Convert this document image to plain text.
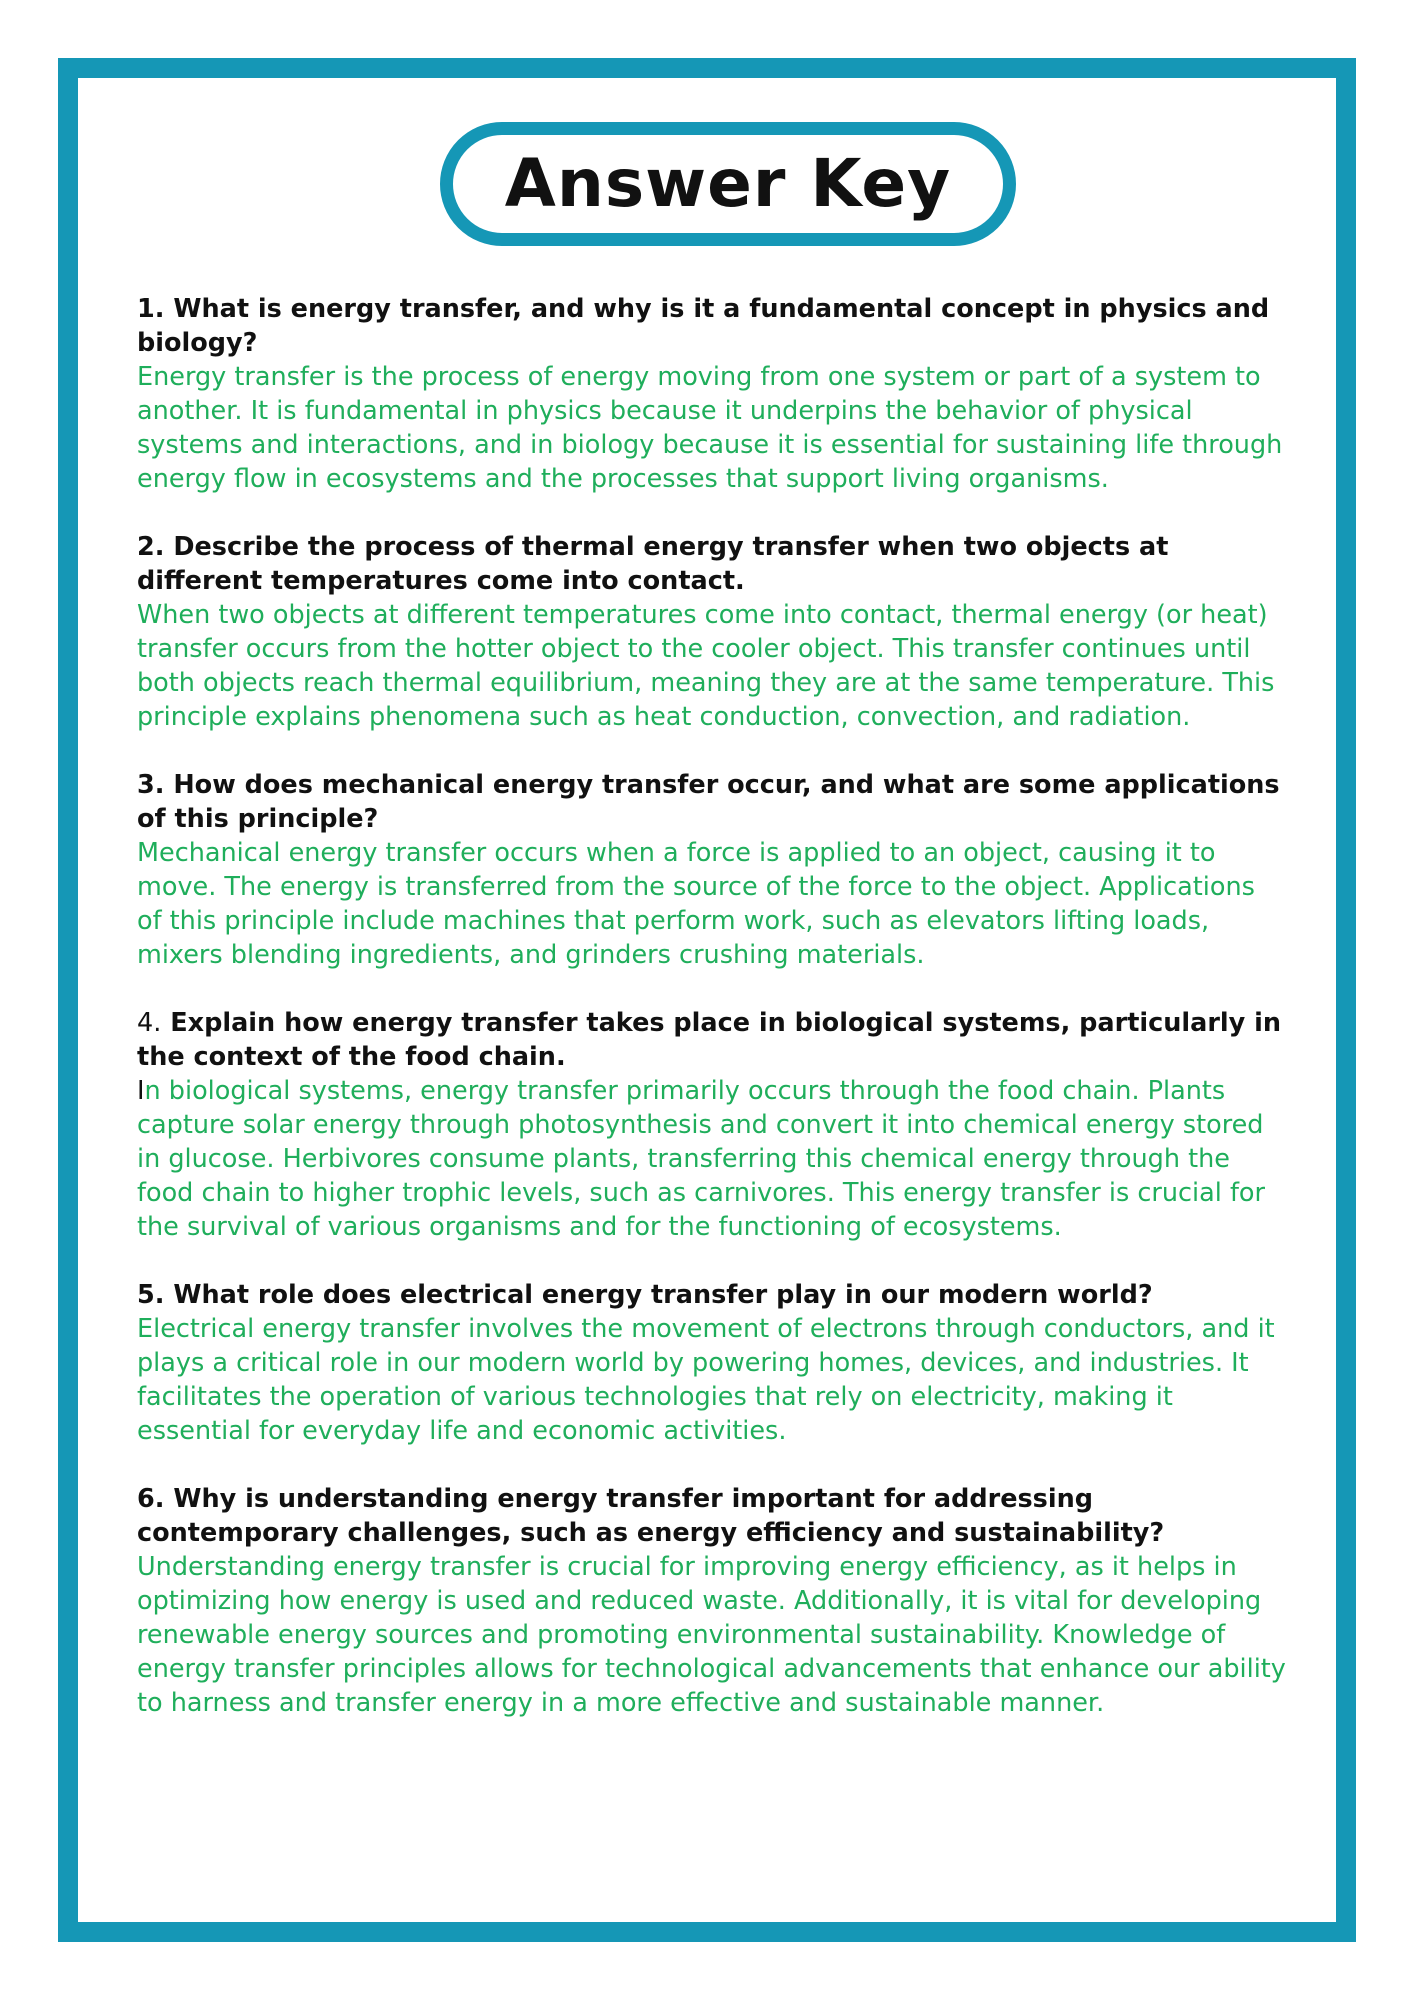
Answer Key

1. What is energy transfer, and why is it a fundamental concept in physics and biology?

Energy transfer is the process of energy moving from one system or part of a system to another. It is fundamental in physics because it underpins the behavior of physical systems and interactions, and in biology because it is essential for sustaining life through energy flow in ecosystems and the processes that support living organisms.

2. Describe the process of thermal energy transfer when two objects at different temperatures come into contact.

When two objects at different temperatures come into contact, thermal energy (or heat) transfer occurs from the hotter object to the cooler object. This transfer continues until both objects reach thermal equilibrium, meaning they are at the same temperature. This principle explains phenomena such as heat conduction, convection, and radiation.

3. How does mechanical energy transfer occur, and what are some applications of this principle?

Mechanical energy transfer occurs when a force is applied to an object, causing it to move. The energy is transferred from the source of the force to the object. Applications of this principle include machines that perform work, such as elevators lifting loads, mixers blending ingredients, and grinders crushing materials.

4. Explain how energy transfer takes place in biological systems, particularly in the context of the food chain.

In biological systems, energy transfer primarily occurs through the food chain. Plants capture solar energy through photosynthesis and convert it into chemical energy stored in glucose. Herbivores consume plants, transferring this chemical energy through the food chain to higher trophic levels, such as carnivores. This energy transfer is crucial for the survival of various organisms and for the functioning of ecosystems.

5. What role does electrical energy transfer play in our modern world?

Electrical energy transfer involves the movement of electrons through conductors, and it plays a critical role in our modern world by powering homes, devices, and industries. It facilitates the operation of various technologies that rely on electricity, making it essential for everyday life and economic activities.

6. Why is understanding energy transfer important for addressing contemporary challenges, such as energy efficiency and sustainability?

Understanding energy transfer is crucial for improving energy efficiency, as it helps in optimizing how energy is used and reduced waste. Additionally, it is vital for developing renewable energy sources and promoting environmental sustainability. Knowledge of energy transfer principles allows for technological advancements that enhance our ability to harness and transfer energy in a more effective and sustainable manner.
